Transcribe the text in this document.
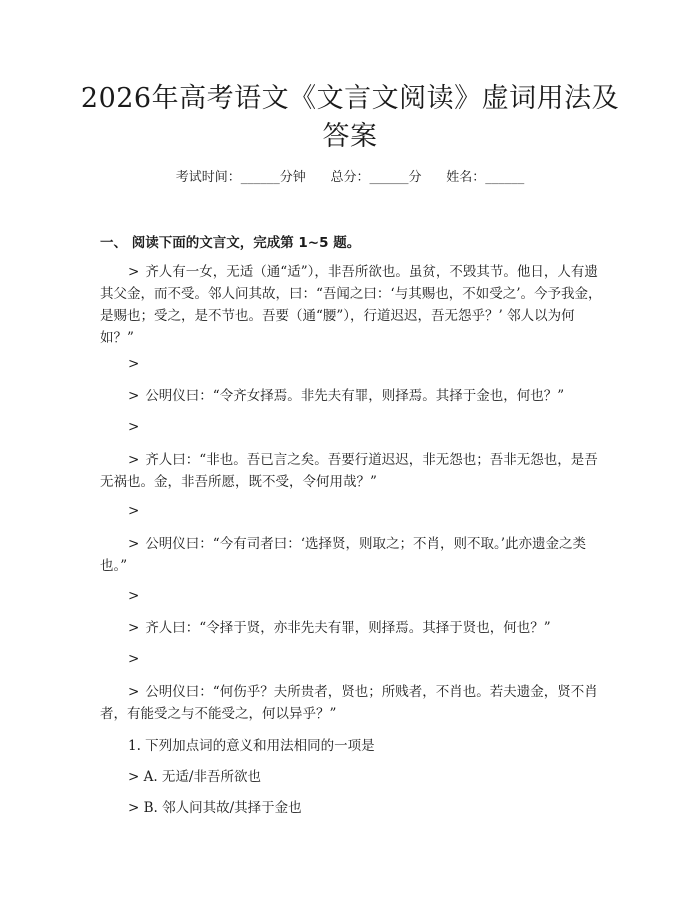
2026年高考语文《文言文阅读》虚词用法及
答案
考试时间：______分钟      总分：______分      姓名：______
一、 阅读下面的文言文，完成第 1~5 题。
> 齐人有一女，无适（通“适”），非吾所欲也。虽贫，不毁其节。他日，人有遗其父金，而不受。邻人问其故，曰：“吾闻之曰：‘与其赐也，不如受之’。今予我金，是赐也；受之，是不节也。吾要（通“腰”），行道迟迟，吾无怨乎？’ 邻人以为何如？”
>
> 公明仪曰：“令齐女择焉。非先夫有罪，则择焉。其择于金也，何也？”
>
> 齐人曰：“非也。吾已言之矣。吾要行道迟迟，非无怨也；吾非无怨也，是吾无祸也。金，非吾所愿，既不受，令何用哉？”
>
> 公明仪曰：“今有司者曰：‘选择贤，则取之；不肖，则不取。’此亦遗金之类也。”
>
> 齐人曰：“令择于贤，亦非先夫有罪，则择焉。其择于贤也，何也？”
>
> 公明仪曰：“何伤乎？夫所贵者，贤也；所贱者，不肖也。若夫遗金，贤不肖者，有能受之与不能受之，何以异乎？”
1. 下列加点词的意义和用法相同的一项是
> A. 无适/非吾所欲也
> B. 邻人问其故/其择于金也
